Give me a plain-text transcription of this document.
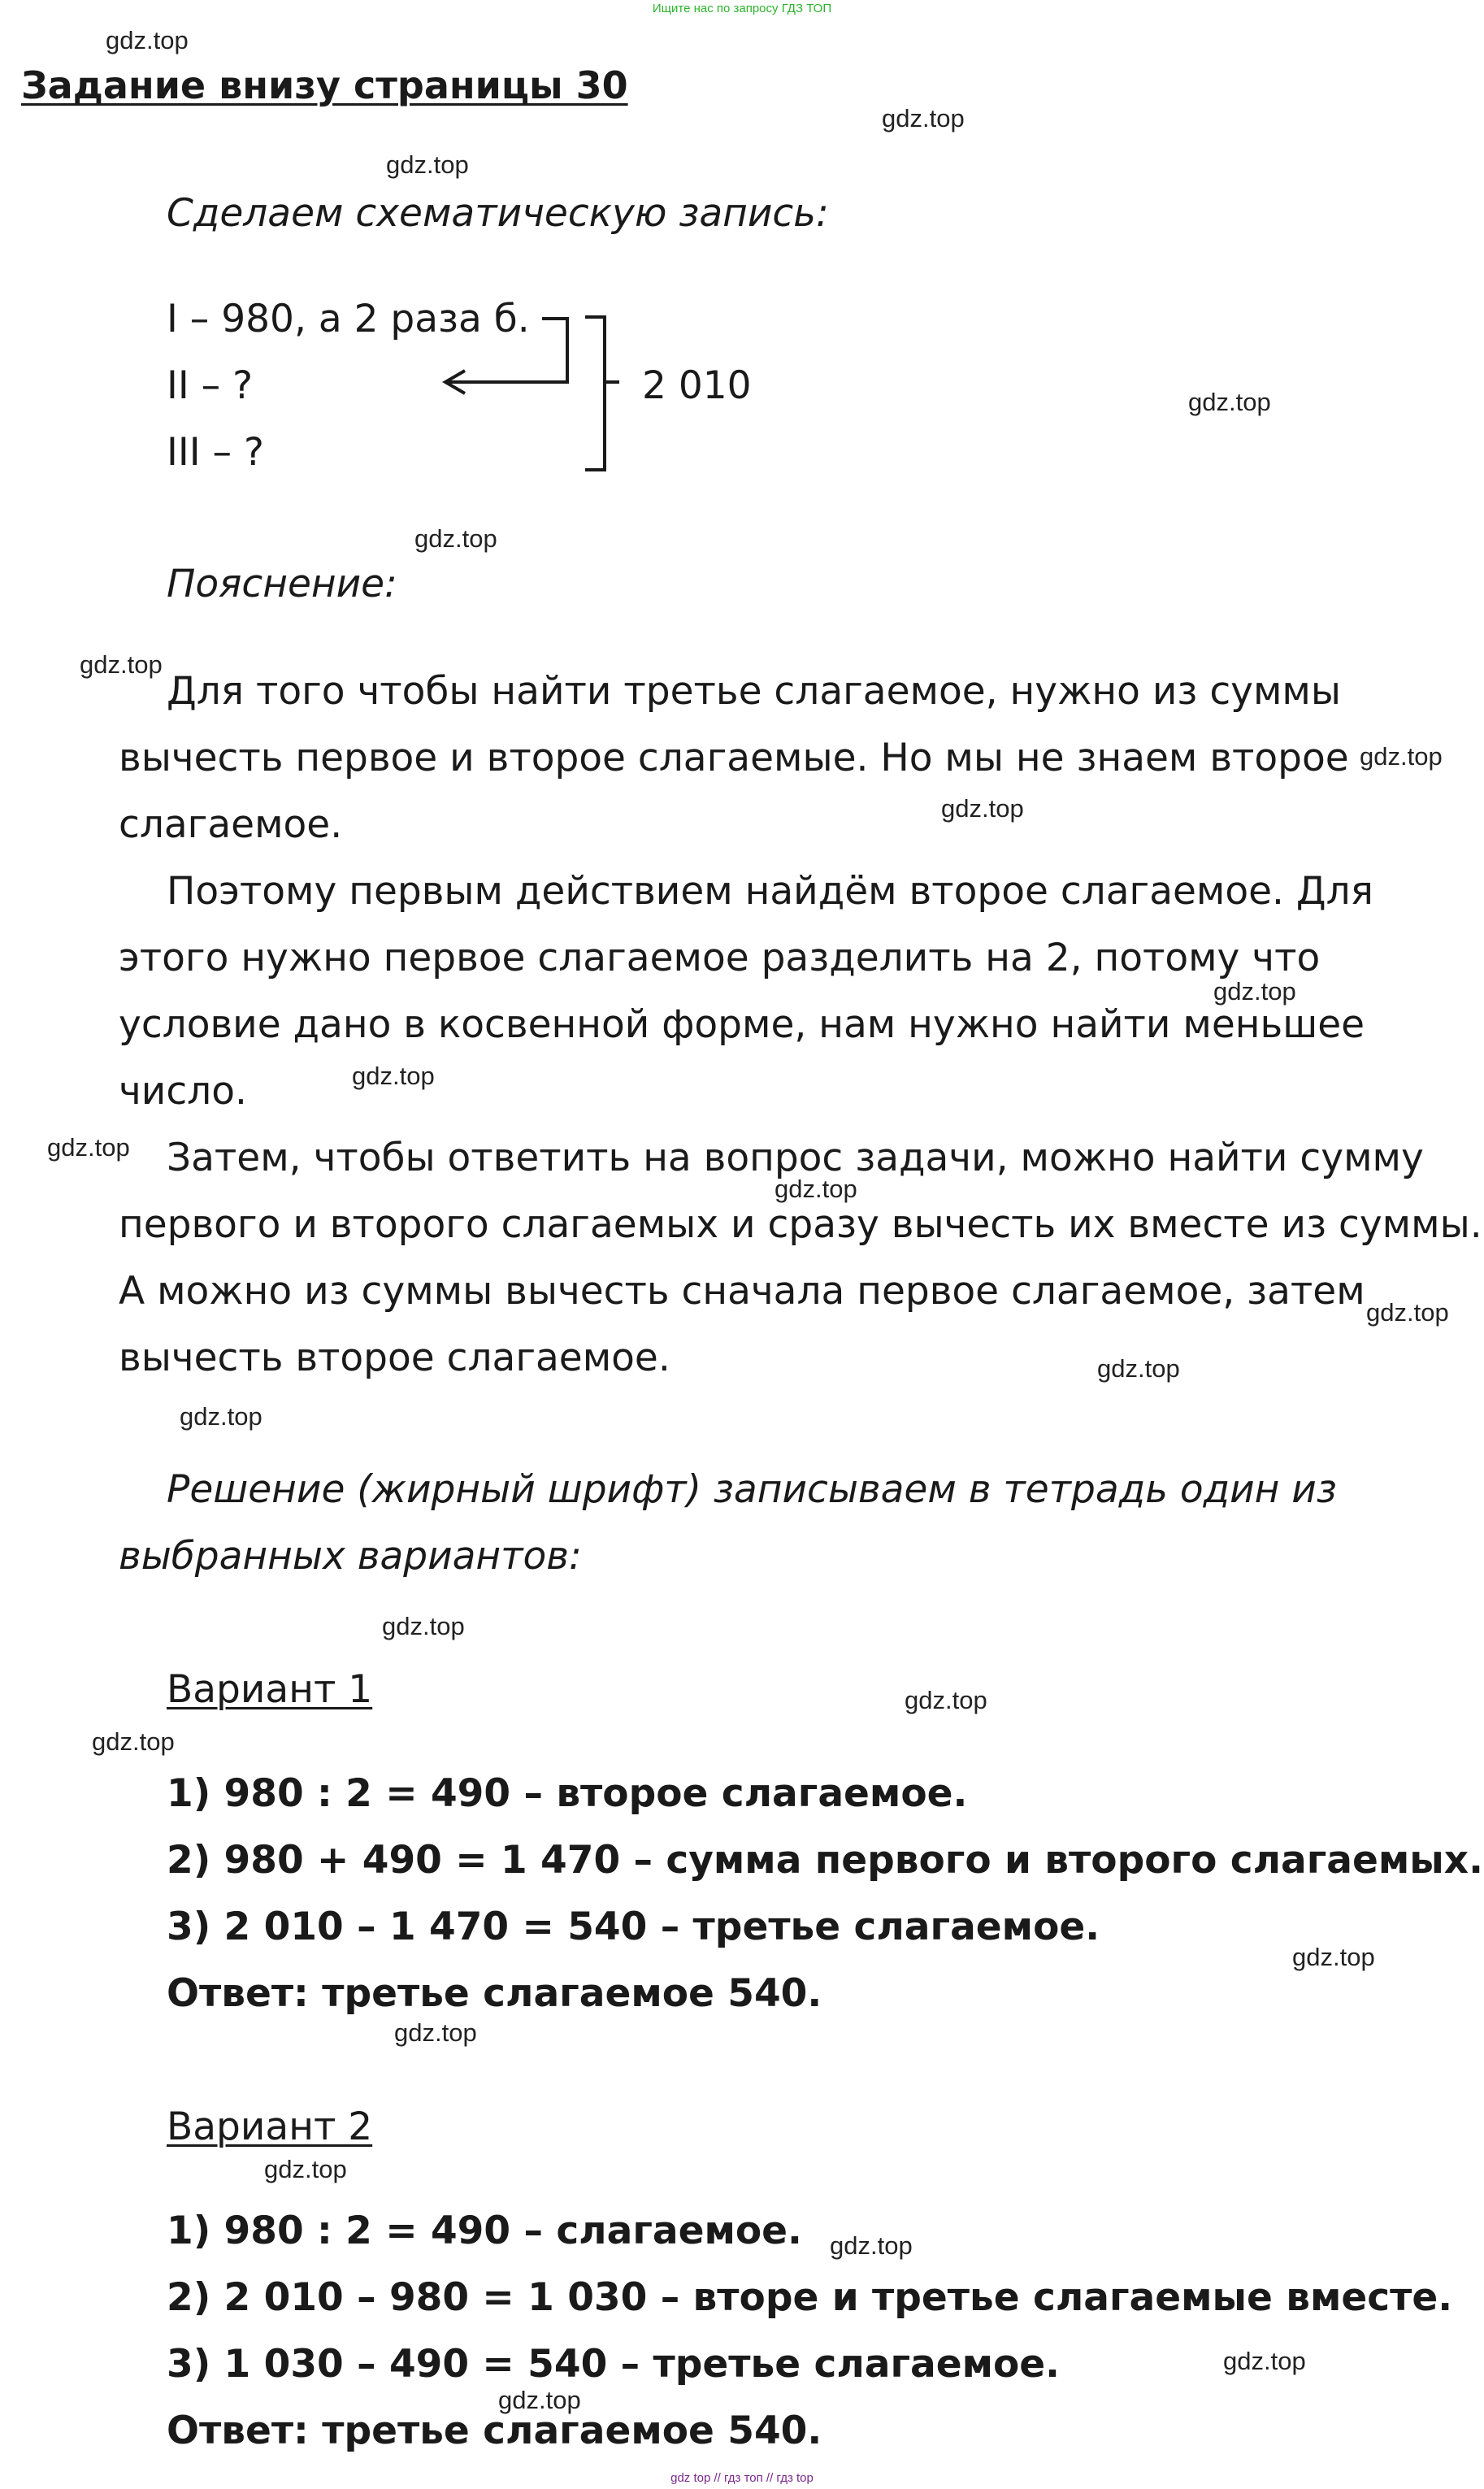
Ищите нас по запросу ГДЗ ТОП
Задание внизу страницы 30
Сделаем схематическую запись:
I – 980, а 2 раза б.
II – ?
III – ?
2 010
Пояснение:
Для того чтобы найти третье слагаемое, нужно из суммы
вычесть первое и второе слагаемые. Но мы не знаем второе
слагаемое.
Поэтому первым действием найдём второе слагаемое. Для
этого нужно первое слагаемое разделить на 2, потому что
условие дано в косвенной форме, нам нужно найти меньшее
число.
Затем, чтобы ответить на вопрос задачи, можно найти сумму
первого и второго слагаемых и сразу вычесть их вместе из суммы.
А можно из суммы вычесть сначала первое слагаемое, затем
вычесть второе слагаемое.
Решение (жирный шрифт) записываем в тетрадь один из
выбранных вариантов:
Вариант 1
1) 980 : 2 = 490 – второе слагаемое.
2) 980 + 490 = 1 470 – сумма первого и второго слагаемых.
3) 2 010 – 1 470 = 540 – третье слагаемое.
Ответ: третье слагаемое 540.
Вариант 2
1) 980 : 2 = 490 – слагаемое.
2) 2 010 – 980 = 1 030 – вторе и третье слагаемые вместе.
3) 1 030 – 490 = 540 – третье слагаемое.
Ответ: третье слагаемое 540.
gdz.top
gdz.top
gdz.top
gdz.top
gdz.top
gdz.top
gdz.top
gdz.top
gdz.top
gdz.top
gdz.top
gdz.top
gdz.top
gdz.top
gdz.top
gdz.top
gdz.top
gdz.top
gdz.top
gdz.top
gdz.top
gdz.top
gdz.top
gdz.top
gdz top // гдз топ // гдз top
